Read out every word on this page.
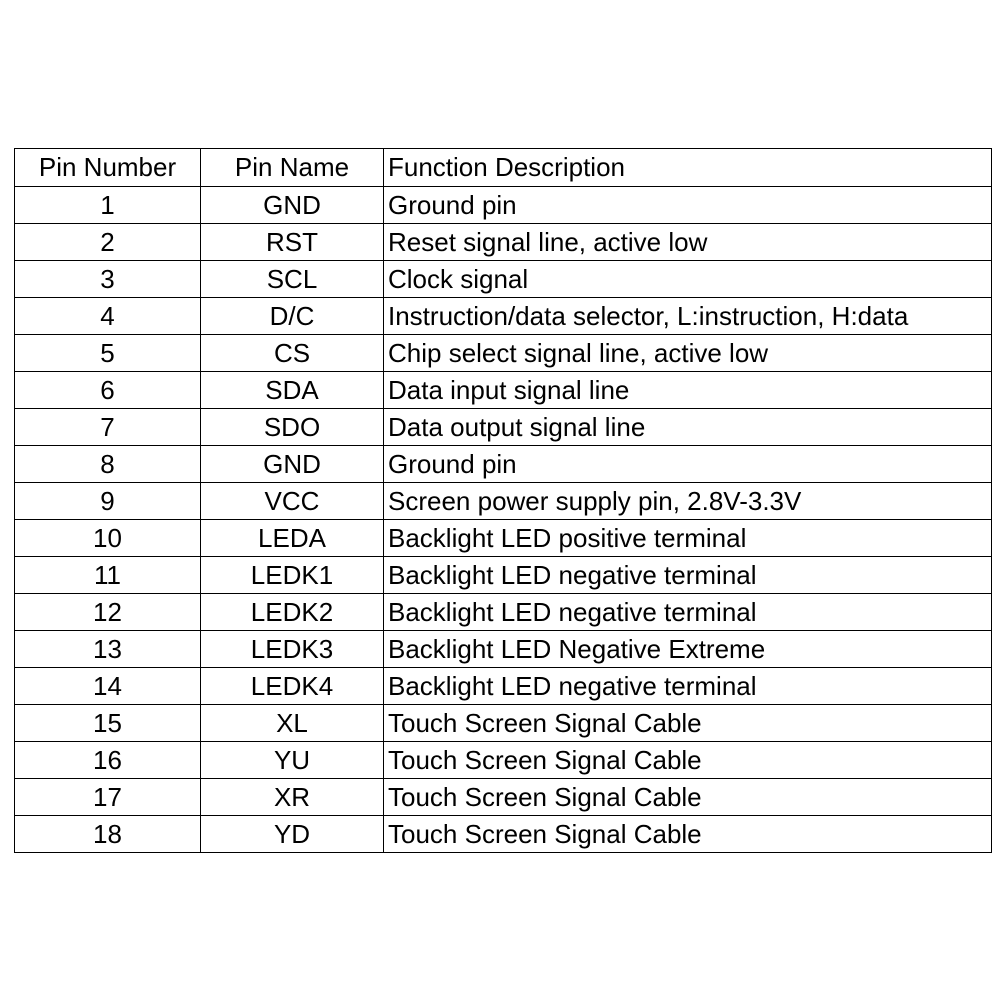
Pin Number	Pin Name	Function Description
1	GND	Ground pin
2	RST	Reset signal line, active low
3	SCL	Clock signal
4	D/C	Instruction/data selector, L:instruction, H:data
5	CS	Chip select signal line, active low
6	SDA	Data input signal line
7	SDO	Data output signal line
8	GND	Ground pin
9	VCC	Screen power supply pin, 2.8V-3.3V
10	LEDA	Backlight LED positive terminal
11	LEDK1	Backlight LED negative terminal
12	LEDK2	Backlight LED negative terminal
13	LEDK3	Backlight LED Negative Extreme
14	LEDK4	Backlight LED negative terminal
15	XL	Touch Screen Signal Cable
16	YU	Touch Screen Signal Cable
17	XR	Touch Screen Signal Cable
18	YD	Touch Screen Signal Cable
